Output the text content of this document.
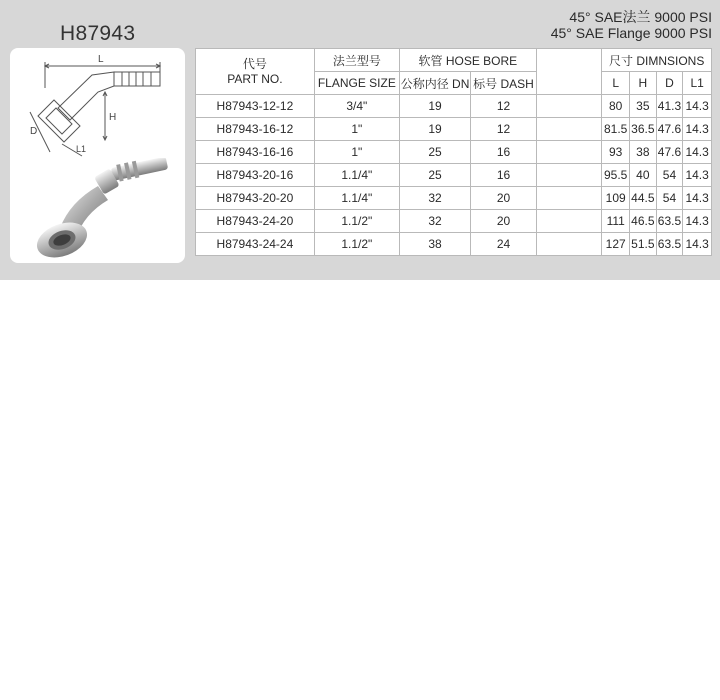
H87943
45° SAE法兰 9000 PSI
45° SAE Flange 9000 PSI
L
H
D
L1
代号
PART NO.	法兰型号	软管 HOSE BORE			尺寸 DIMNSIONS			
	FLANGE SIZE	公称内径 DN	标号 DASH		L	H	D	L1
H87943-12-12	3/4"	19	12		80	35	41.3	14.3
H87943-16-12	1"	19	12		81.5	36.5	47.6	14.3
H87943-16-16	1"	25	16		93	38	47.6	14.3
H87943-20-16	1.1/4"	25	16		95.5	40	54	14.3
H87943-20-20	1.1/4"	32	20		109	44.5	54	14.3
H87943-24-20	1.1/2"	32	20		111	46.5	63.5	14.3
H87943-24-24	1.1/2"	38	24		127	51.5	63.5	14.3
